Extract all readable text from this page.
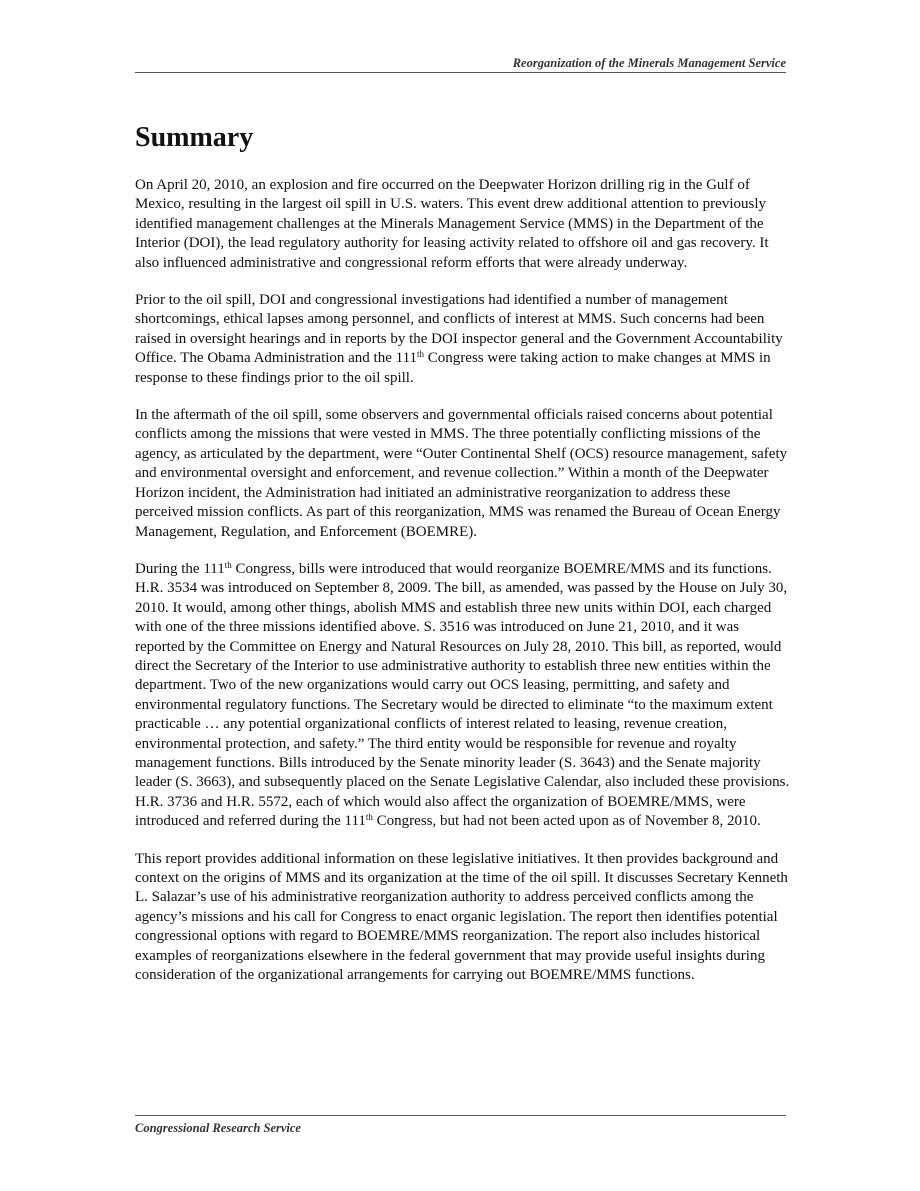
Reorganization of the Minerals Management Service
Summary

On April 20, 2010, an explosion and fire occurred on the Deepwater Horizon drilling rig in the Gulf of Mexico, resulting in the largest oil spill in U.S. waters. This event drew additional attention to previously identified management challenges at the Minerals Management Service (MMS) in the Department of the Interior (DOI), the lead regulatory authority for leasing activity related to offshore oil and gas recovery. It also influenced administrative and congressional reform efforts that were already underway.

Prior to the oil spill, DOI and congressional investigations had identified a number of management shortcomings, ethical lapses among personnel, and conflicts of interest at MMS. Such concerns had been raised in oversight hearings and in reports by the DOI inspector general and the Government Accountability Office. The Obama Administration and the 111th Congress were taking action to make changes at MMS in response to these findings prior to the oil spill.

In the aftermath of the oil spill, some observers and governmental officials raised concerns about potential conflicts among the missions that were vested in MMS. The three potentially conflicting missions of the agency, as articulated by the department, were “Outer Continental Shelf (OCS) resource management, safety and environmental oversight and enforcement, and revenue collection.” Within a month of the Deepwater Horizon incident, the Administration had initiated an administrative reorganization to address these perceived mission conflicts. As part of this reorganization, MMS was renamed the Bureau of Ocean Energy Management, Regulation, and Enforcement (BOEMRE).

During the 111th Congress, bills were introduced that would reorganize BOEMRE/MMS and its functions. H.R. 3534 was introduced on September 8, 2009. The bill, as amended, was passed by the House on July 30, 2010. It would, among other things, abolish MMS and establish three new units within DOI, each charged with one of the three missions identified above. S. 3516 was introduced on June 21, 2010, and it was reported by the Committee on Energy and Natural Resources on July 28, 2010. This bill, as reported, would direct the Secretary of the Interior to use administrative authority to establish three new entities within the department. Two of the new organizations would carry out OCS leasing, permitting, and safety and environmental regulatory functions. The Secretary would be directed to eliminate “to the maximum extent practicable … any potential organizational conflicts of interest related to leasing, revenue creation, environmental protection, and safety.” The third entity would be responsible for revenue and royalty management functions. Bills introduced by the Senate minority leader (S. 3643) and the Senate majority leader (S. 3663), and subsequently placed on the Senate Legislative Calendar, also included these provisions. H.R. 3736 and H.R. 5572, each of which would also affect the organization of BOEMRE/MMS, were introduced and referred during the 111th Congress, but had not been acted upon as of November 8, 2010.

This report provides additional information on these legislative initiatives. It then provides background and context on the origins of MMS and its organization at the time of the oil spill. It discusses Secretary Kenneth L. Salazar’s use of his administrative reorganization authority to address perceived conflicts among the agency’s missions and his call for Congress to enact organic legislation. The report then identifies potential congressional options with regard to BOEMRE/MMS reorganization. The report also includes historical examples of reorganizations elsewhere in the federal government that may provide useful insights during consideration of the organizational arrangements for carrying out BOEMRE/MMS functions.

Congressional Research Service
